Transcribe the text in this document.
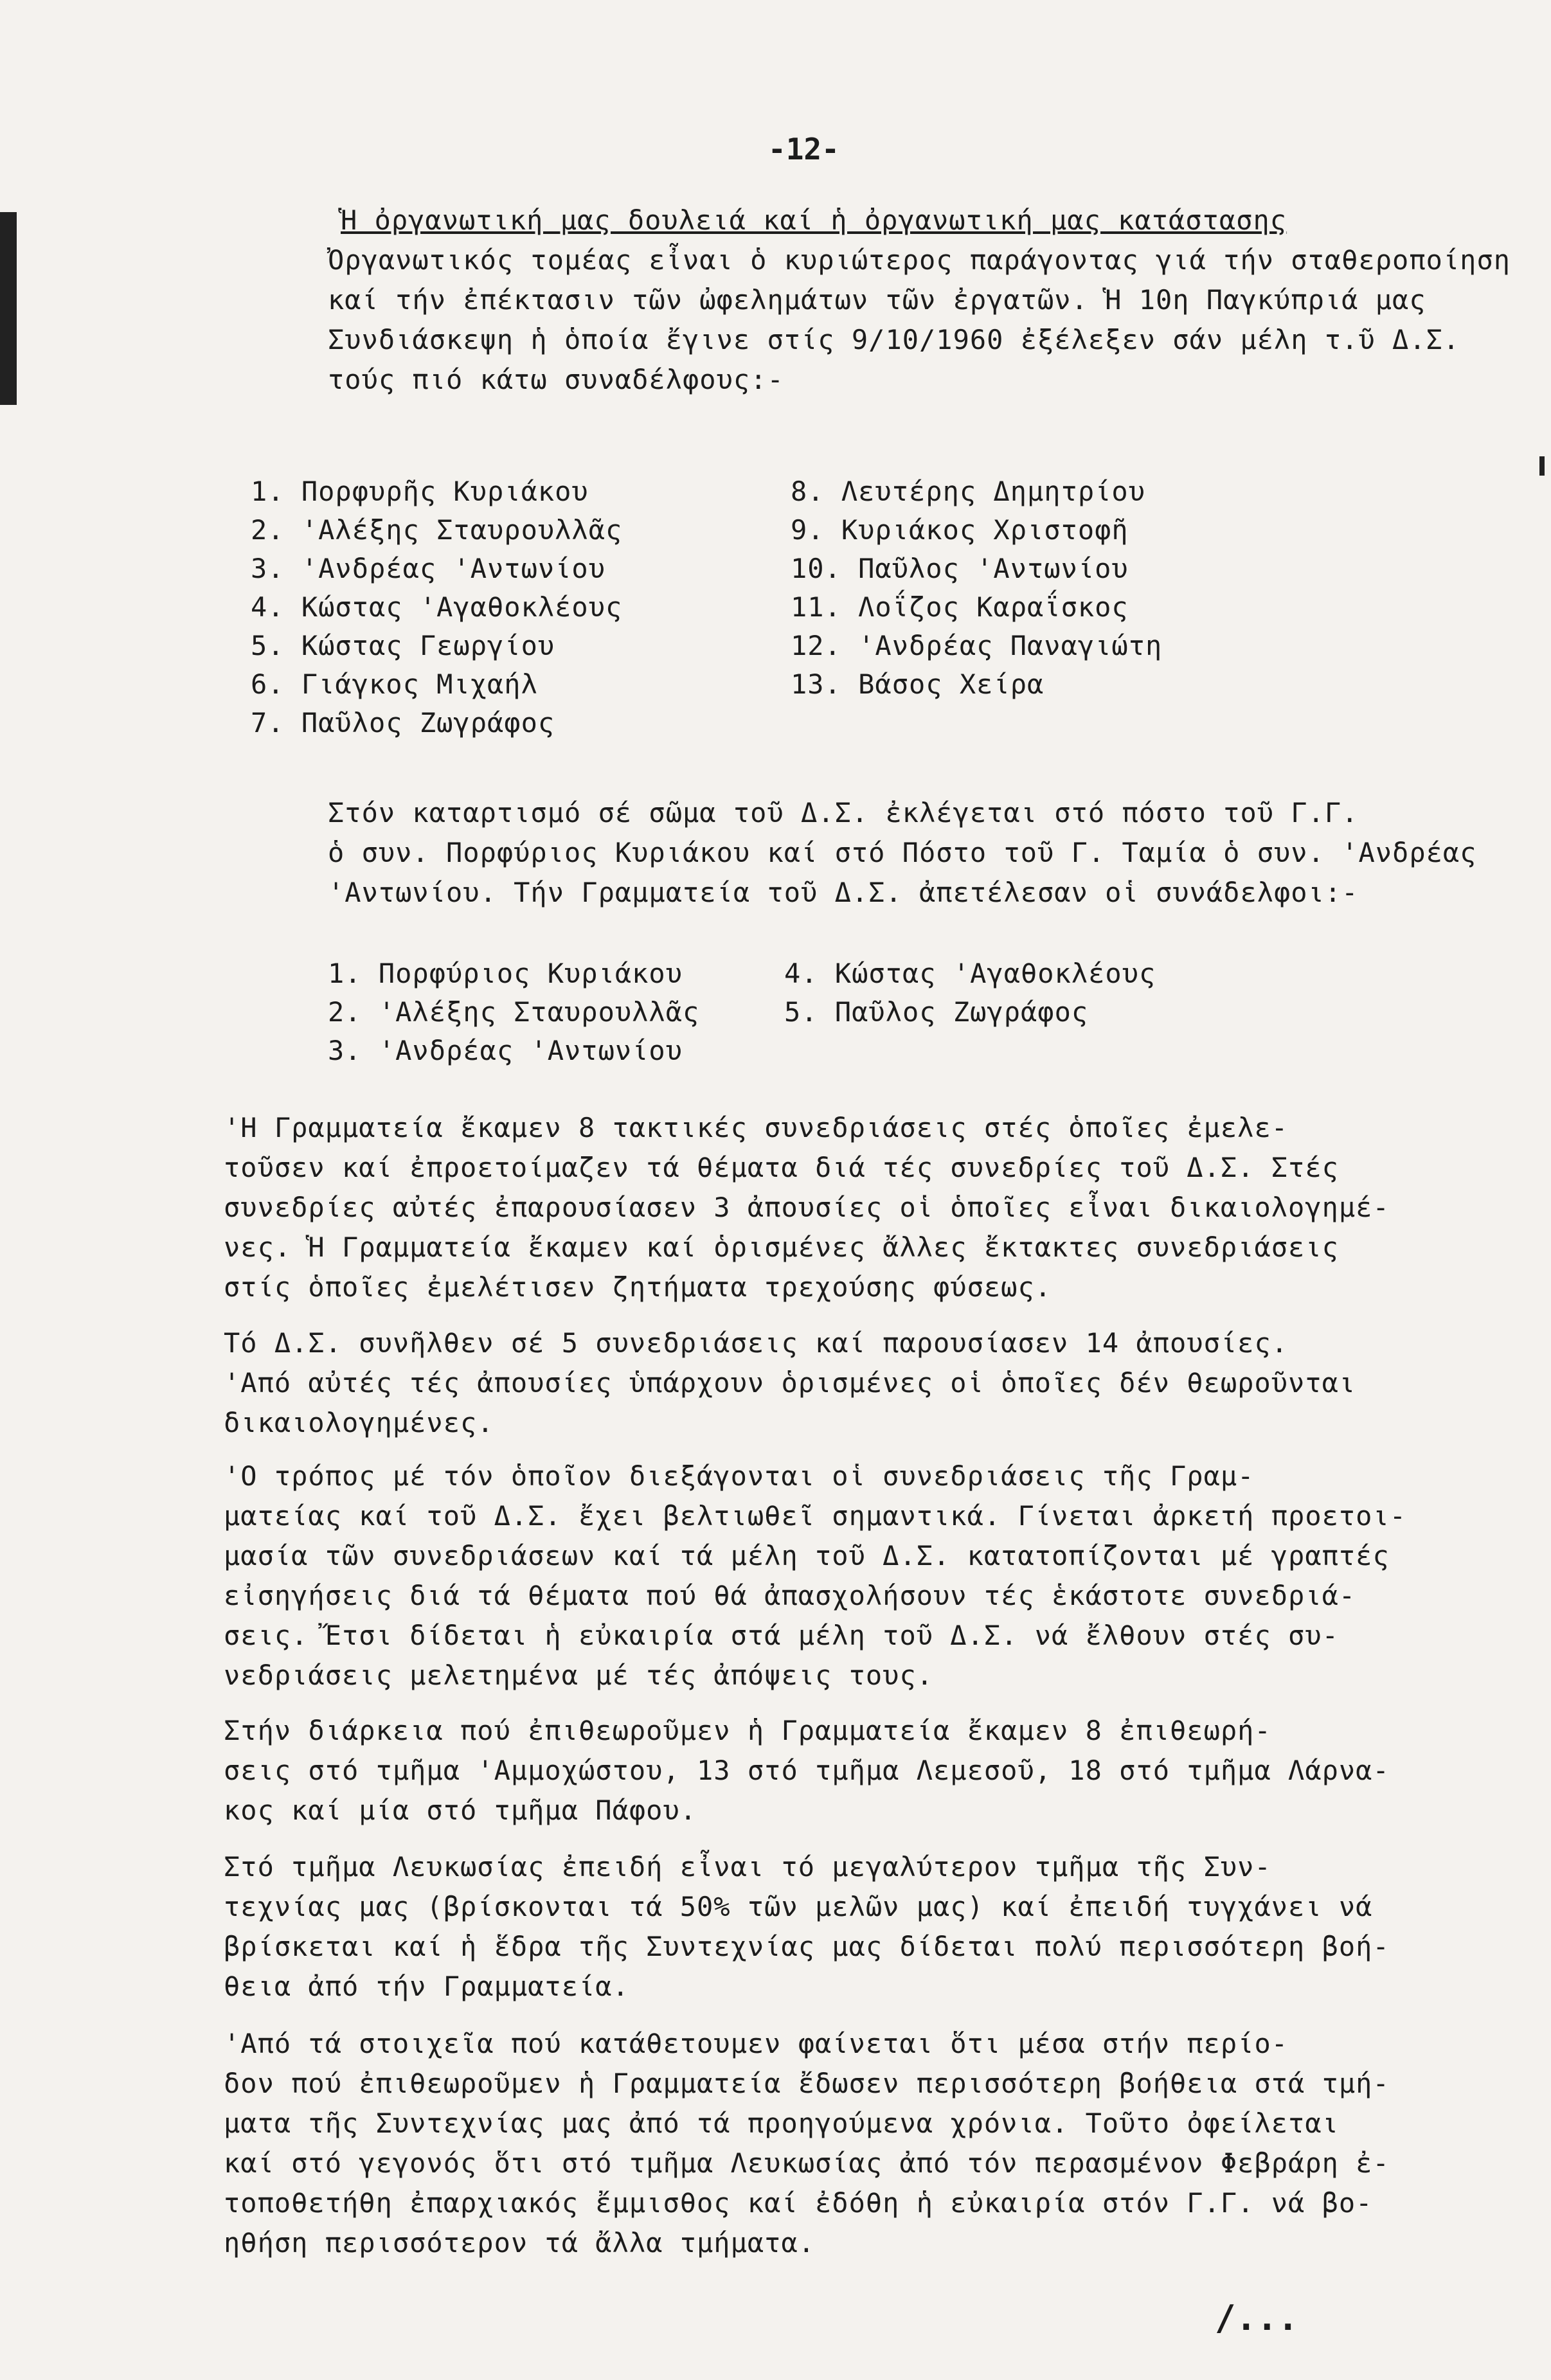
-12-
Ἡ ὀργανωτική μας δουλειά καί ἡ ὀργανωτική μας κατάστασης
Ὀργανωτικός τομέας εἶναι ὁ κυριώτερος παράγοντας γιά τήν σταθεροποίηση
καί τήν ἐπέκτασιν τῶν ὠφελημάτων τῶν ἐργατῶν. Ἡ 10η Παγκύπριά μας
Συνδιάσκεψη ἡ ὁποία ἔγινε στίς 9/10/1960 ἐξέλεξεν σάν μέλη τ.ῦ Δ.Σ.
τούς πιό κάτω συναδέλφους:-
1. Πορφυρῆς Κυριάκου
2. 'Αλέξης Σταυρουλλᾶς
3. 'Ανδρέας 'Αντωνίου
4. Κώστας 'Αγαθοκλέους
5. Κώστας Γεωργίου
6. Γιάγκος Μιχαήλ
7. Παῦλος Ζωγράφος
8. Λευτέρης Δημητρίου
9. Κυριάκος Χριστοφῆ
10. Παῦλος 'Αντωνίου
11. Λοΐζος Καραΐσκος
12. 'Ανδρέας Παναγιώτη
13. Βάσος Χείρα
Στόν καταρτισμό σέ σῶμα τοῦ Δ.Σ. ἐκλέγεται στό πόστο τοῦ Γ.Γ.
ὁ συν. Πορφύριος Κυριάκου καί στό Πόστο τοῦ Γ. Ταμία ὁ συν. 'Ανδρέας
'Αντωνίου. Τήν Γραμματεία τοῦ Δ.Σ. ἀπετέλεσαν οἱ συνάδελφοι:-
1. Πορφύριος Κυριάκου
2. 'Αλέξης Σταυρουλλᾶς
3. 'Ανδρέας 'Αντωνίου
4. Κώστας 'Αγαθοκλέους
5. Παῦλος Ζωγράφος
'Η Γραμματεία ἔκαμεν 8 τακτικές συνεδριάσεις στές ὁποῖες ἐμελε-
τοῦσεν καί ἐπροετοίμαζεν τά θέματα διά τές συνεδρίες τοῦ Δ.Σ. Στές
συνεδρίες αὐτές ἐπαρουσίασεν 3 ἀπουσίες οἱ ὁποῖες εἶναι δικαιολογημέ-
νες. Ἡ Γραμματεία ἔκαμεν καί ὁρισμένες ἄλλες ἔκτακτες συνεδριάσεις
στίς ὁποῖες ἐμελέτισεν ζητήματα τρεχούσης φύσεως.
Τό Δ.Σ. συνῆλθεν σέ 5 συνεδριάσεις καί παρουσίασεν 14 ἀπουσίες.
'Από αὐτές τές ἀπουσίες ὑπάρχουν ὁρισμένες οἱ ὁποῖες δέν θεωροῦνται
δικαιολογημένες.
'Ο τρόπος μέ τόν ὁποῖον διεξάγονται οἱ συνεδριάσεις τῆς Γραμ-
ματείας καί τοῦ Δ.Σ. ἔχει βελτιωθεῖ σημαντικά. Γίνεται ἀρκετή προετοι-
μασία τῶν συνεδριάσεων καί τά μέλη τοῦ Δ.Σ. κατατοπίζονται μέ γραπτές
εἰσηγήσεις διά τά θέματα πού θά ἀπασχολήσουν τές ἑκάστοτε συνεδριά-
σεις. Ἔτσι δίδεται ἡ εὐκαιρία στά μέλη τοῦ Δ.Σ. νά ἔλθουν στές συ-
νεδριάσεις μελετημένα μέ τές ἀπόψεις τους.
Στήν διάρκεια πού ἐπιθεωροῦμεν ἡ Γραμματεία ἔκαμεν 8 ἐπιθεωρή-
σεις στό τμῆμα 'Αμμοχώστου, 13 στό τμῆμα Λεμεσοῦ, 18 στό τμῆμα Λάρνα-
κος καί μία στό τμῆμα Πάφου.
Στό τμῆμα Λευκωσίας ἐπειδή εἶναι τό μεγαλύτερον τμῆμα τῆς Συν-
τεχνίας μας (βρίσκονται τά 50% τῶν μελῶν μας) καί ἐπειδή τυγχάνει νά
βρίσκεται καί ἡ ἕδρα τῆς Συντεχνίας μας δίδεται πολύ περισσότερη βοή-
θεια ἀπό τήν Γραμματεία.
'Από τά στοιχεῖα πού κατάθετουμεν φαίνεται ὅτι μέσα στήν περίο-
δον πού ἐπιθεωροῦμεν ἡ Γραμματεία ἔδωσεν περισσότερη βοήθεια στά τμή-
ματα τῆς Συντεχνίας μας ἀπό τά προηγούμενα χρόνια. Τοῦτο ὀφείλεται
καί στό γεγονός ὅτι στό τμῆμα Λευκωσίας ἀπό τόν περασμένον Φεβράρη ἐ-
τοποθετήθη ἐπαρχιακός ἔμμισθος καί ἐδόθη ἡ εὐκαιρία στόν Γ.Γ. νά βο-
ηθήση περισσότερον τά ἄλλα τμήματα.
/...
